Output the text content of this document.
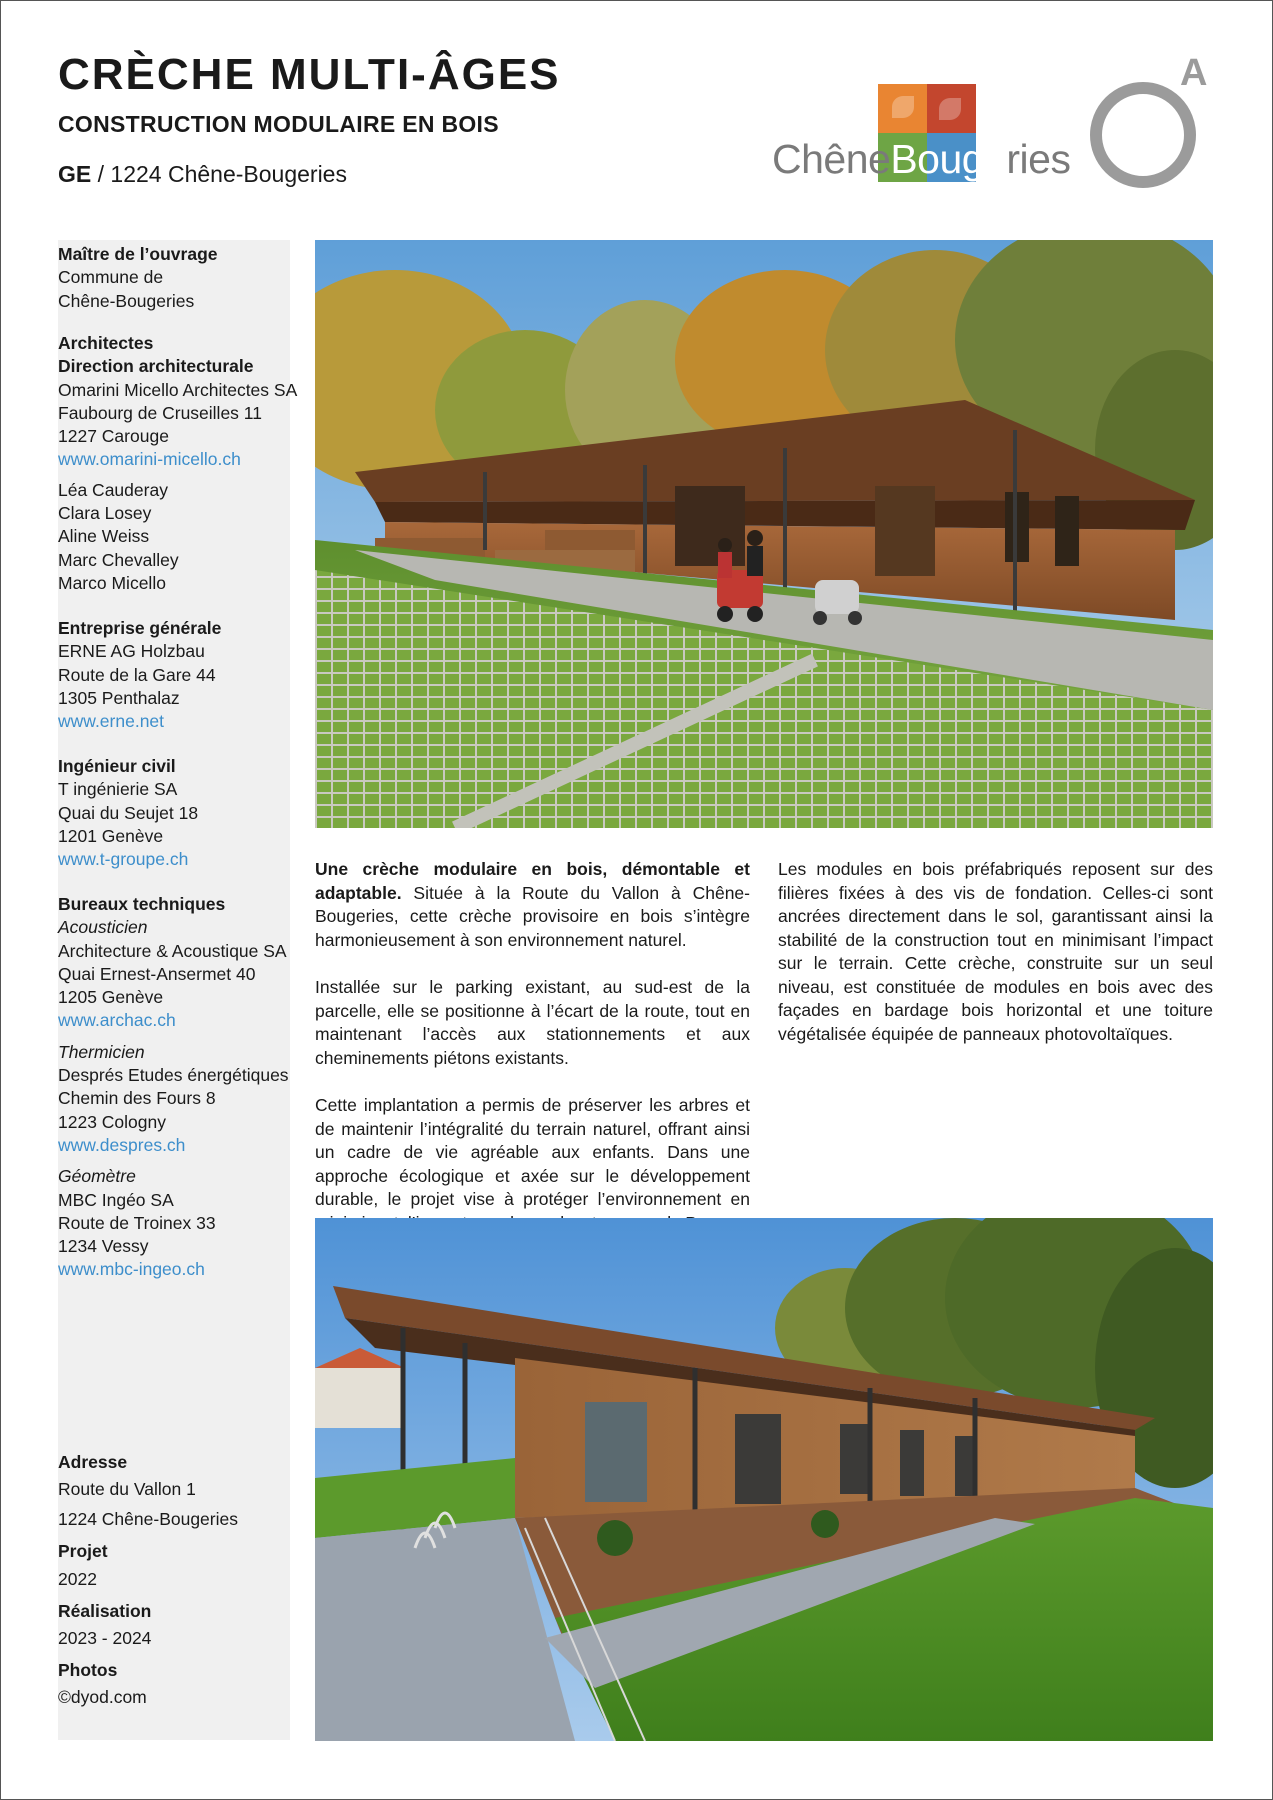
CRÈCHE MULTI-ÂGES
CONSTRUCTION MODULAIRE EN BOIS
GE / 1224 Chêne-Bougeries	ChêneBougeries
A
Maître de l’ouvrage
Commune de
Chêne-Bougeries
Architectes
Direction architecturale
Omarini Micello Architectes SA
Faubourg de Cruseilles 11
1227 Carouge
www.omarini-micello.ch
Léa Cauderay
Clara Losey
Aline Weiss
Marc Chevalley
Marco Micello
Entreprise générale
ERNE AG Holzbau
Route de la Gare 44
1305 Penthalaz
www.erne.net
Ingénieur civil
T ingénierie SA
Quai du Seujet 18
1201 Genève
www.t-groupe.ch
Bureaux techniques
Acousticien
Architecture & Acoustique SA
Quai Ernest-Ansermet 40
1205 Genève
www.archac.ch
Thermicien
Després Etudes énergétiques
Chemin des Fours 8
1223 Cologny
www.despres.ch
Géomètre
MBC Ingéo SA
Route de Troinex 33
1234 Vessy
www.mbc-ingeo.ch
Adresse
Route du Vallon 1
1224 Chêne-Bougeries
Projet
2022
Réalisation
2023 - 2024
Photos
©dyod.com

Une crèche modulaire en bois, démontable et adaptable. Située à la Route du Vallon à Chêne-Bougeries, cette crèche provisoire en bois s’intègre harmonieusement à son environnement naturel.

Installée sur le parking existant, au sud-est de la parcelle, elle se positionne à l’écart de la route, tout en maintenant l’accès aux stationnements et aux cheminements piétons existants.

Cette implantation a permis de préserver les arbres et de maintenir l’intégralité du terrain naturel, offrant ainsi un cadre de vie agréable aux enfants. Dans une approche écologique et axée sur le développement durable, le projet vise à protéger l’environnement en

Les modules en bois préfabriqués reposent sur des filières fixées à des vis de fondation. Celles-ci sont ancrées directement dans le sol, garantissant ainsi la stabilité de la construction tout en minimisant l’impact sur le terrain. Cette crèche, construite sur un seul niveau, est constituée de modules en bois avec des façades en bardage bois horizontal et une toiture végétalisée équipée de panneaux photovoltaïques.
